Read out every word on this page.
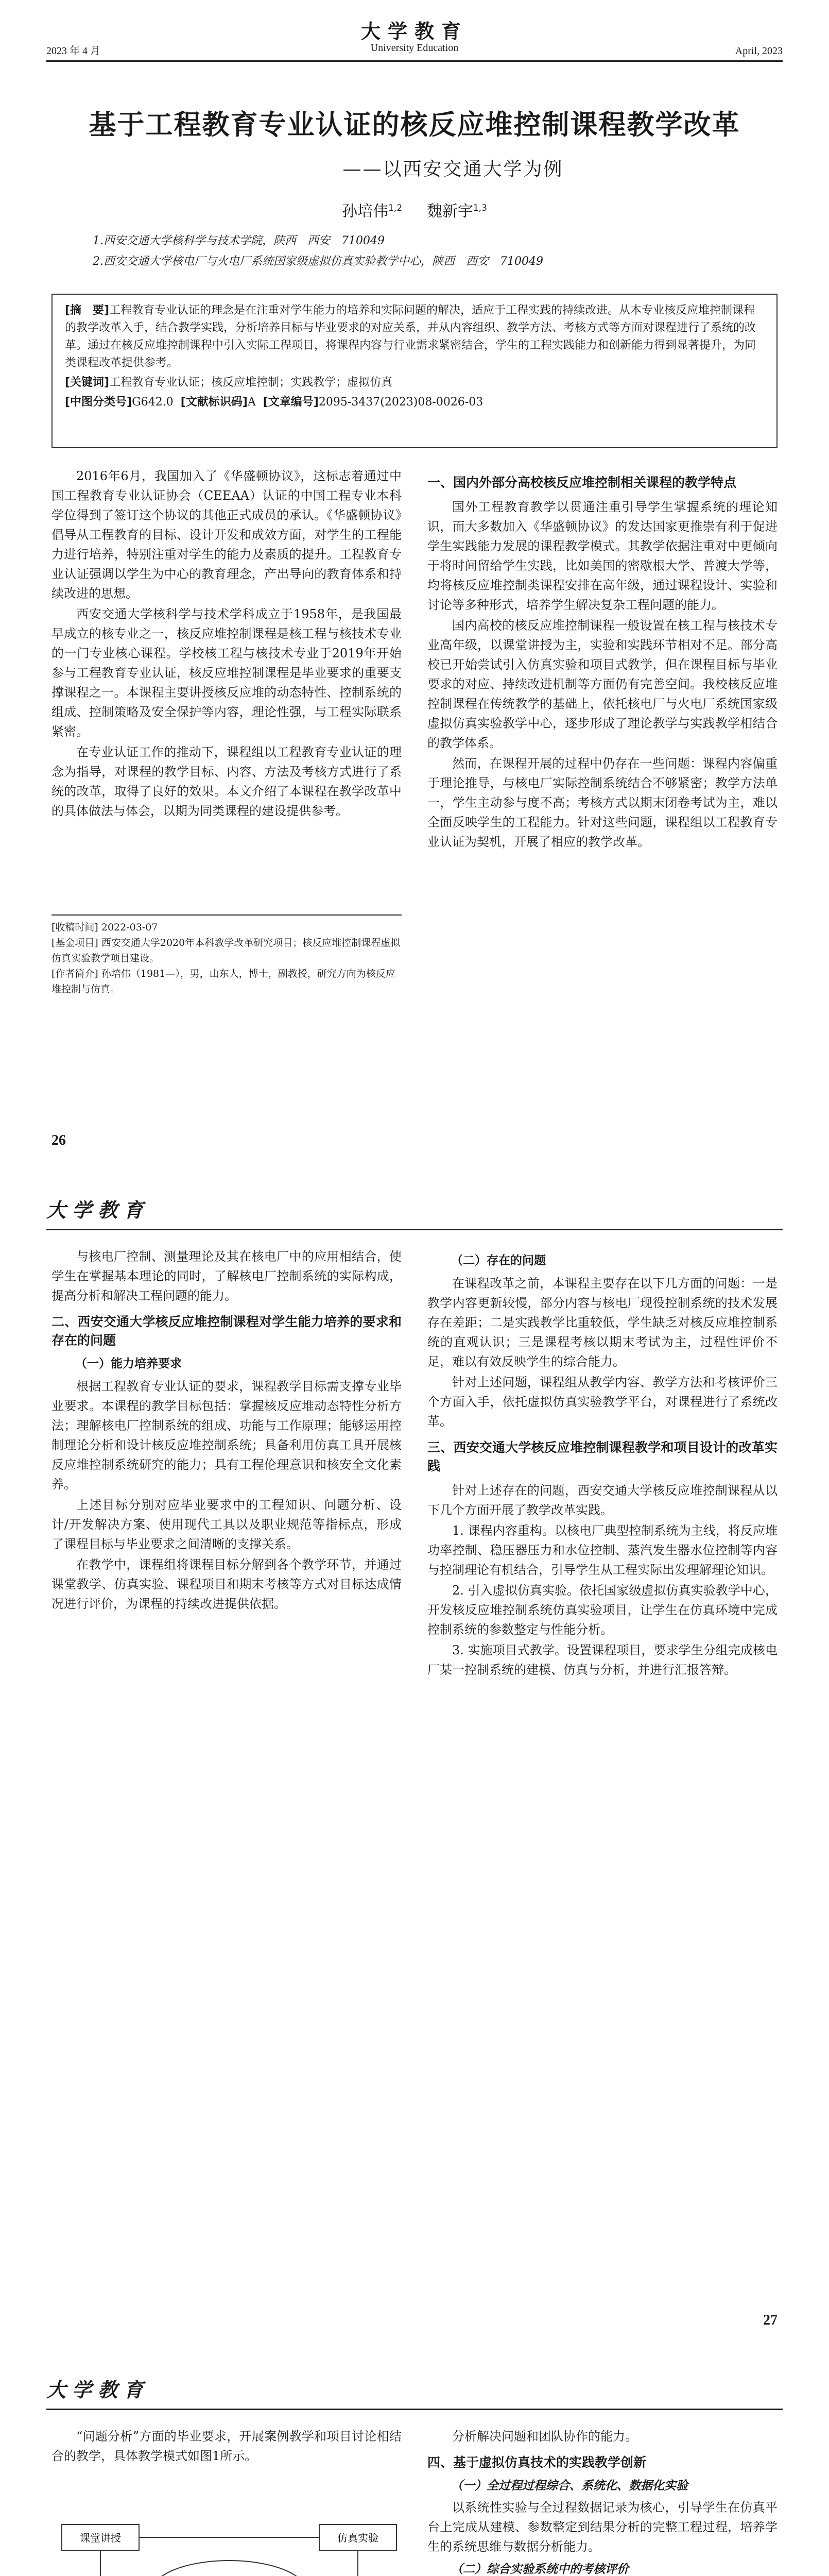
大学教育
University Education
2023 年 4 月	April, 2023
基于工程教育专业认证的核反应堆控制课程教学改革
——以西安交通大学为例
孙培伟$^{1,2}$ 魏新宇$^{1,3}$
1.西安交通大学核科学与技术学院，陕西　西安　710049
2.西安交通大学核电厂与火电厂系统国家级虚拟仿真实验教学中心，陕西　西安　710049

[摘　要]工程教育专业认证的理念是在注重对学生能力的培养和实际问题的解决，适应于工程实践的持续改进。从本专业核反应堆控制课程的教学改革入手，结合教学实践，分析培养目标与毕业要求的对应关系，并从内容组织、教学方法、考核方式等方面对课程进行了系统的改革。通过在核反应堆控制课程中引入实际工程项目，将课程内容与行业需求紧密结合，学生的工程实践能力和创新能力得到显著提升，为同类课程改革提供参考。

[关键词]工程教育专业认证；核反应堆控制；实践教学；虚拟仿真

[中图分类号]G642.0 [文献标识码]A [文章编号]2095-3437(2023)08-0026-03

2016年6月，我国加入了《华盛顿协议》，这标志着通过中国工程教育专业认证协会（CEEAA）认证的中国工程专业本科学位得到了签订这个协议的其他正式成员的承认。《华盛顿协议》倡导从工程教育的目标、设计开发和成效方面，对学生的工程能力进行培养，特别注重对学生的能力及素质的提升。工程教育专业认证强调以学生为中心的教育理念，产出导向的教育体系和持续改进的思想。

西安交通大学核科学与技术学科成立于1958年，是我国最早成立的核专业之一，核反应堆控制课程是核工程与核技术专业的一门专业核心课程。学校核工程与核技术专业于2019年开始参与工程教育专业认证，核反应堆控制课程是毕业要求的重要支撑课程之一。本课程主要讲授核反应堆的动态特性、控制系统的组成、控制策略及安全保护等内容，理论性强，与工程实际联系紧密。

在专业认证工作的推动下，课程组以工程教育专业认证的理念为指导，对课程的教学目标、内容、方法及考核方式进行了系统的改革，取得了良好的效果。本文介绍了本课程在教学改革中的具体做法与体会，以期为同类课程的建设提供参考。

一、国内外部分高校核反应堆控制相关课程的教学特点

国外工程教育教学以贯通注重引导学生掌握系统的理论知识，而大多数加入《华盛顿协议》的发达国家更推崇有利于促进学生实践能力发展的课程教学模式。其教学依据注重对中更倾向于将时间留给学生实践，比如美国的密歇根大学、普渡大学等，均将核反应堆控制类课程安排在高年级，通过课程设计、实验和讨论等多种形式，培养学生解决复杂工程问题的能力。

国内高校的核反应堆控制课程一般设置在核工程与核技术专业高年级，以课堂讲授为主，实验和实践环节相对不足。部分高校已开始尝试引入仿真实验和项目式教学，但在课程目标与毕业要求的对应、持续改进机制等方面仍有完善空间。我校核反应堆控制课程在传统教学的基础上，依托核电厂与火电厂系统国家级虚拟仿真实验教学中心，逐步形成了理论教学与实践教学相结合的教学体系。

然而，在课程开展的过程中仍存在一些问题：课程内容偏重于理论推导，与核电厂实际控制系统结合不够紧密；教学方法单一，学生主动参与度不高；考核方式以期末闭卷考试为主，难以全面反映学生的工程能力。针对这些问题，课程组以工程教育专业认证为契机，开展了相应的教学改革。

[收稿时间] 2022-03-07
[基金项目] 西安交通大学2020年本科教学改革研究项目；核反应堆控制课程虚拟仿真实验教学项目建设。
[作者简介] 孙培伟（1981—），男，山东人，博士，副教授，研究方向为核反应堆控制与仿真。
26
大学教育

与核电厂控制、测量理论及其在核电厂中的应用相结合，使学生在掌握基本理论的同时，了解核电厂控制系统的实际构成，提高分析和解决工程问题的能力。

二、西安交通大学核反应堆控制课程对学生能力培养的要求和存在的问题
（一）能力培养要求

根据工程教育专业认证的要求，课程教学目标需支撑专业毕业要求。本课程的教学目标包括：掌握核反应堆动态特性分析方法；理解核电厂控制系统的组成、功能与工作原理；能够运用控制理论分析和设计核反应堆控制系统；具备利用仿真工具开展核反应堆控制系统研究的能力；具有工程伦理意识和核安全文化素养。

上述目标分别对应毕业要求中的工程知识、问题分析、设计/开发解决方案、使用现代工具以及职业规范等指标点，形成了课程目标与毕业要求之间清晰的支撑关系。

在教学中，课程组将课程目标分解到各个教学环节，并通过课堂教学、仿真实验、课程项目和期末考核等方式对目标达成情况进行评价，为课程的持续改进提供依据。

（二）存在的问题

在课程改革之前，本课程主要存在以下几方面的问题：一是教学内容更新较慢，部分内容与核电厂现役控制系统的技术发展存在差距；二是实践教学比重较低，学生缺乏对核反应堆控制系统的直观认识；三是课程考核以期末考试为主，过程性评价不足，难以有效反映学生的综合能力。

针对上述问题，课程组从教学内容、教学方法和考核评价三个方面入手，依托虚拟仿真实验教学平台，对课程进行了系统改革。

三、西安交通大学核反应堆控制课程教学和项目设计的改革实践

针对上述存在的问题，西安交通大学核反应堆控制课程从以下几个方面开展了教学改革实践。

1. 课程内容重构。以核电厂典型控制系统为主线，将反应堆功率控制、稳压器压力和水位控制、蒸汽发生器水位控制等内容与控制理论有机结合，引导学生从工程实际出发理解理论知识。

2. 引入虚拟仿真实验。依托国家级虚拟仿真实验教学中心，开发核反应堆控制系统仿真实验项目，让学生在仿真环境中完成控制系统的参数整定与性能分析。

3. 实施项目式教学。设置课程项目，要求学生分组完成核电厂某一控制系统的建模、仿真与分析，并进行汇报答辩。

27
大学教育

“问题分析”方面的毕业要求，开展案例教学和项目讨论相结合的教学，具体教学模式如图1所示。

课堂讲授	仿真实验

分析解决问题和团队协作的能力。

四、基于虚拟仿真技术的实践教学创新
（一）全过程过程综合、系统化、数据化实验

以系统性实验与全过程数据记录为核心，引导学生在仿真平台上完成从建模、参数整定到结果分析的完整工程过程，培养学生的系统思维与数据分析能力。

（二）综合实验系统中的考核评价
